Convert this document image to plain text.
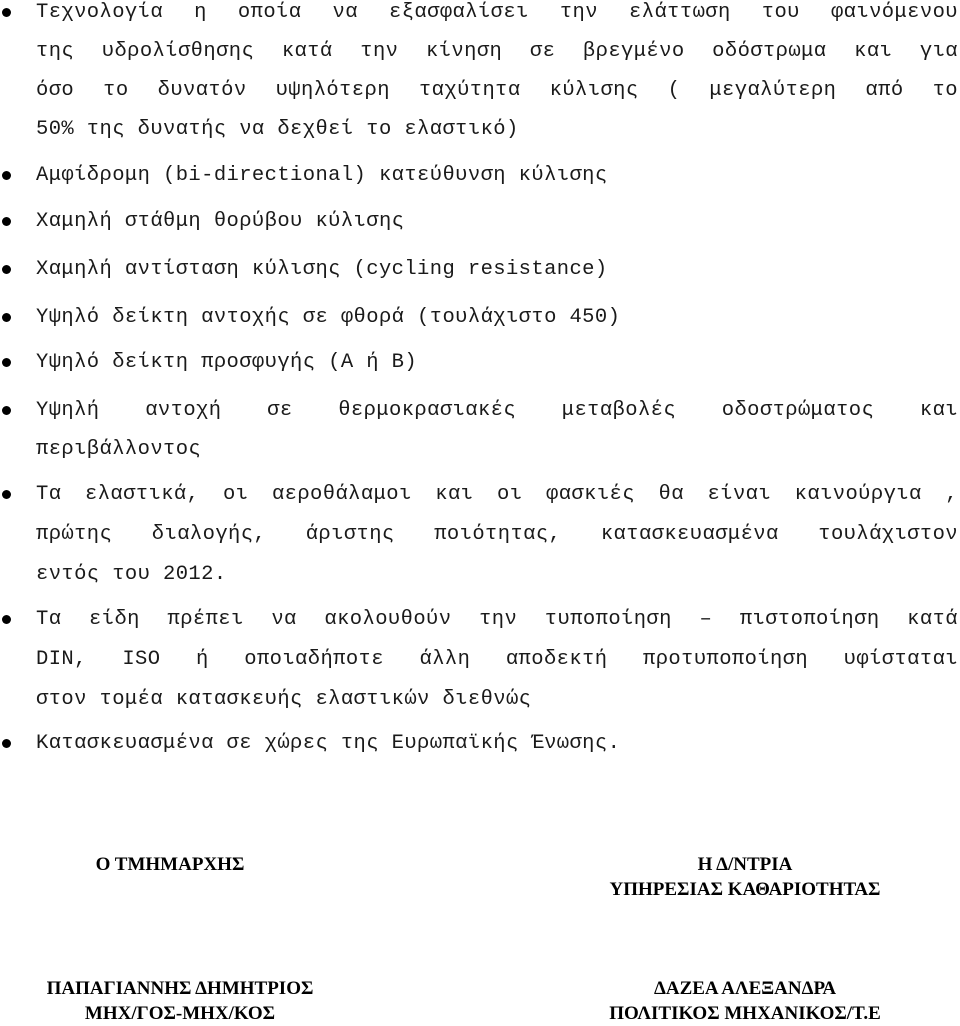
Τεχνολογία η οποία να εξασφαλίσει την ελάττωση του φαινόμενου
της υδρολίσθησης κατά την κίνηση σε βρεγμένο οδόστρωμα και για
όσο το δυνατόν υψηλότερη ταχύτητα κύλισης ( μεγαλύτερη από το
50% της δυνατής να δεχθεί το ελαστικό)
Αμφίδρομη (bi-directional) κατεύθυνση κύλισης
Χαμηλή στάθμη θορύβου κύλισης
Χαμηλή αντίσταση κύλισης (cycling resistance)
Υψηλό δείκτη αντοχής σε φθορά (τουλάχιστο 450)
Υψηλό δείκτη προσφυγής (A ή B)
Υψηλή αντοχή σε θερμοκρασιακές μεταβολές οδοστρώματος και
περιβάλλοντος
Τα ελαστικά, οι αεροθάλαμοι και οι φασκιές θα είναι καινούργια ,
πρώτης διαλογής, άριστης ποιότητας, κατασκευασμένα τουλάχιστον
εντός του 2012.
Τα είδη πρέπει να ακολουθούν την τυποποίηση – πιστοποίηση κατά
DIN, ISO ή οποιαδήποτε άλλη αποδεκτή προτυποποίηση υφίσταται
στον τομέα κατασκευής ελαστικών διεθνώς
Κατασκευασμένα σε χώρες της Ευρωπαϊκής Ένωσης.
Ο ΤΜΗΜΑΡΧΗΣ	Η Δ/ΝΤΡΙΑ
ΥΠΗΡΕΣΙΑΣ ΚΑΘΑΡΙΟΤΗΤΑΣ
ΠΑΠΑΓΙΑΝΝΗΣ ΔΗΜΗΤΡΙΟΣ
ΜΗΧ/ΓΟΣ-ΜΗΧ/ΚΟΣ
ΔΑΖΕΑ ΑΛΕΞΑΝΔΡΑ
ΠΟΛΙΤΙΚΟΣ ΜΗΧΑΝΙΚΟΣ/Τ.Ε
